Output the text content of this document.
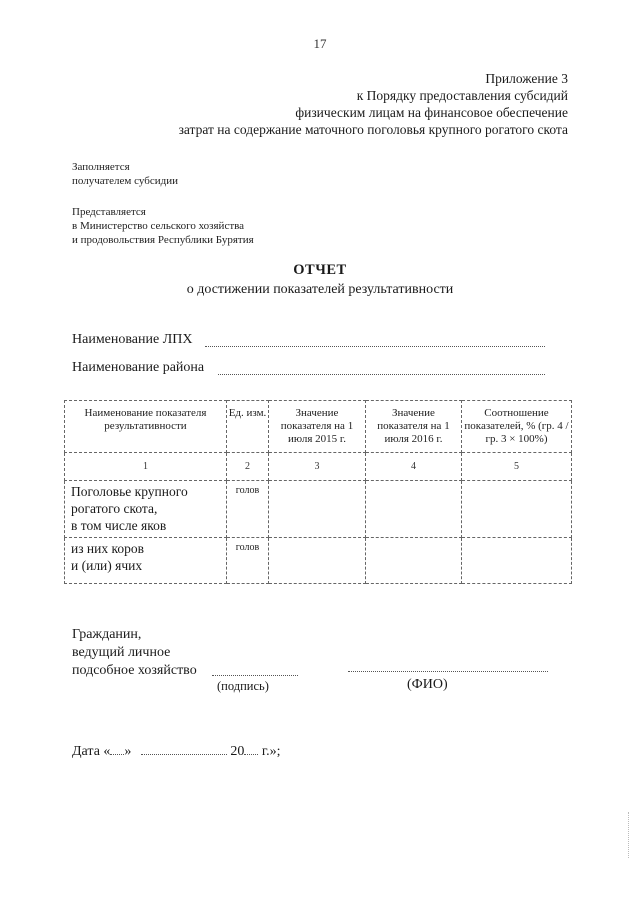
17
Приложение 3
к Порядку предоставления субсидий
физическим лицам на финансовое обеспечение
затрат на содержание маточного поголовья крупного рогатого скота
Заполняется
получателем субсидии
Представляется
в Министерство сельского хозяйства
и продовольствия Республики Бурятия
ОТЧЕТ
о достижении показателей результативности
Наименование ЛПХ
Наименование района
Наименование показателя результативности	Ед. изм.	Значение показателя на 1 июля 2015 г.	Значение показателя на 1 июля 2016 г.	Соотношение показателей, % (гр. 4 / гр. 3 × 100%)
1	2	3	4	5
Поголовье крупного
рогатого скота,
в том числе яков	голов			
из них коров
и (или) ячих	голов			
Гражданин,
ведущий личное
подсобное хозяйство
(подпись)	(ФИО)
Дата « »	20 г.»;
